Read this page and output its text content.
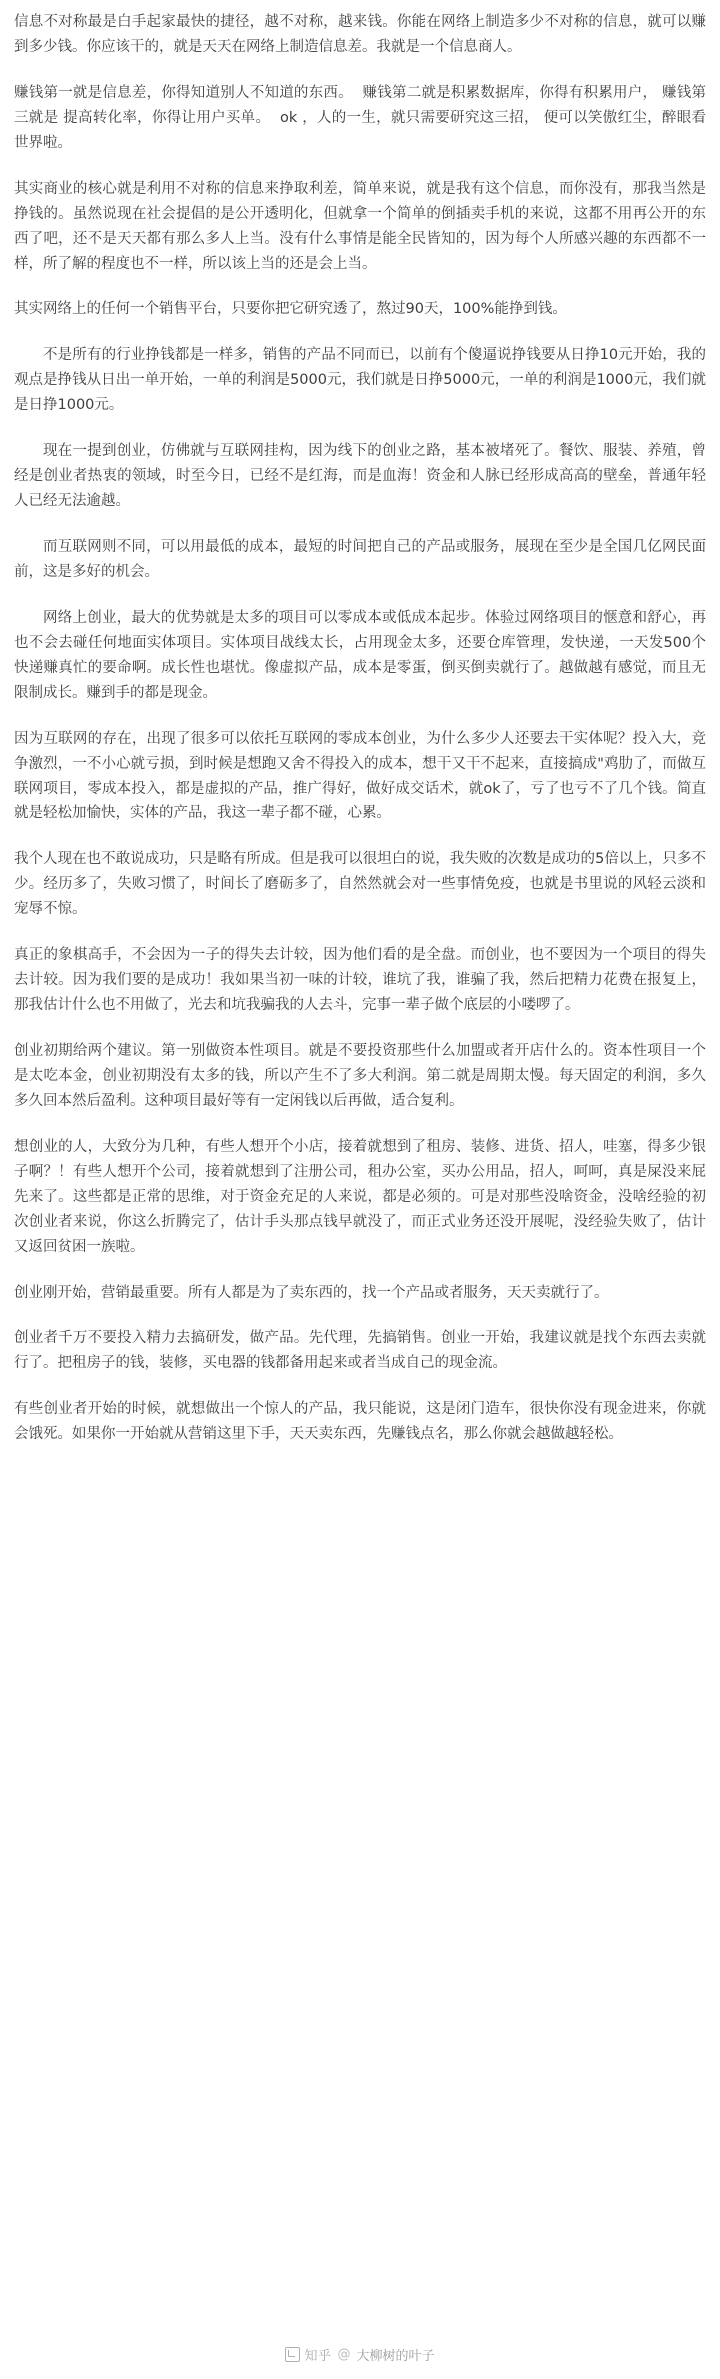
信息不对称最是白手起家最快的捷径，越不对称，越来钱。你能在网络上制造多少不对称的信息，就可以赚到多少钱。你应该干的，就是天天在网络上制造信息差。我就是一个信息商人。

赚钱第一就是信息差，你得知道别人不知道的东西。  赚钱第二就是积累数据库，你得有积累用户， 赚钱第三就是 提高转化率，你得让用户买单。  ok ，人的一生，就只需要研究这三招， 便可以笑傲红尘，醉眼看世界啦。

其实商业的核心就是利用不对称的信息来挣取利差，简单来说，就是我有这个信息，而你没有，那我当然是挣钱的。虽然说现在社会提倡的是公开透明化，但就拿一个简单的倒插卖手机的来说，这都不用再公开的东西了吧，还不是天天都有那么多人上当。没有什么事情是能全民皆知的，因为每个人所感兴趣的东西都不一样，所了解的程度也不一样，所以该上当的还是会上当。

其实网络上的任何一个销售平台，只要你把它研究透了，熬过90天，100%能挣到钱。

不是所有的行业挣钱都是一样多，销售的产品不同而已，以前有个傻逼说挣钱要从日挣10元开始，我的观点是挣钱从日出一单开始，一单的利润是5000元，我们就是日挣5000元，一单的利润是1000元，我们就是日挣1000元。

现在一提到创业，仿佛就与互联网挂构，因为线下的创业之路，基本被堵死了。餐饮、服装、养殖，曾经是创业者热衷的领域，时至今日，已经不是红海，而是血海！资金和人脉已经形成高高的壁垒，普通年轻人已经无法逾越。

而互联网则不同，可以用最低的成本，最短的时间把自己的产品或服务，展现在至少是全国几亿网民面前，这是多好的机会。

网络上创业，最大的优势就是太多的项目可以零成本或低成本起步。体验过网络项目的惬意和舒心，再也不会去碰任何地面实体项目。实体项目战线太长，占用现金太多，还要仓库管理，发快递，一天发500个快递赚真忙的要命啊。成长性也堪忧。像虚拟产品，成本是零蛋，倒买倒卖就行了。越做越有感觉，而且无限制成长。赚到手的都是现金。

因为互联网的存在，出现了很多可以依托互联网的零成本创业，为什么多少人还要去干实体呢？投入大，竞争激烈，一不小心就亏损，到时候是想跑又舍不得投入的成本，想干又干不起来，直接搞成"鸡肋了，而做互联网项目，零成本投入，都是虚拟的产品，推广得好，做好成交话术，就ok了，亏了也亏不了几个钱。简直就是轻松加愉快，实体的产品，我这一辈子都不碰，心累。

我个人现在也不敢说成功，只是略有所成。但是我可以很坦白的说，我失败的次数是成功的5倍以上，只多不少。经历多了，失败习惯了，时间长了磨砺多了，自然然就会对一些事情免疫，也就是书里说的风轻云淡和宠辱不惊。

真正的象棋高手，不会因为一子的得失去计较，因为他们看的是全盘。而创业，也不要因为一个项目的得失去计较。因为我们要的是成功！我如果当初一味的计较，谁坑了我，谁骗了我，然后把精力花费在报复上，那我估计什么也不用做了，光去和坑我骗我的人去斗，完事一辈子做个底层的小喽啰了。

创业初期给两个建议。第一别做资本性项目。就是不要投资那些什么加盟或者开店什么的。资本性项目一个是太吃本金，创业初期没有太多的钱，所以产生不了多大利润。第二就是周期太慢。每天固定的利润，多久多久回本然后盈利。这种项目最好等有一定闲钱以后再做，适合复利。

想创业的人，大致分为几种，有些人想开个小店，接着就想到了租房、装修、进货、招人，哇塞，得多少银子啊？！有些人想开个公司，接着就想到了注册公司，租办公室，买办公用品，招人，呵呵，真是屎没来屁先来了。这些都是正常的思维，对于资金充足的人来说，都是必须的。可是对那些没啥资金，没啥经验的初次创业者来说，你这么折腾完了，估计手头那点钱早就没了，而正式业务还没开展呢，没经验失败了，估计又返回贫困一族啦。

创业刚开始，营销最重要。所有人都是为了卖东西的，找一个产品或者服务，天天卖就行了。

创业者千万不要投入精力去搞研发，做产品。先代理，先搞销售。创业一开始，我建议就是找个东西去卖就行了。把租房子的钱，装修，买电器的钱都备用起来或者当成自己的现金流。

有些创业者开始的时候，就想做出一个惊人的产品，我只能说，这是闭门造车，很快你没有现金进来，你就会饿死。如果你一开始就从营销这里下手，天天卖东西，先赚钱点名，那么你就会越做越轻松。

知乎 @ 大柳树的叶子
